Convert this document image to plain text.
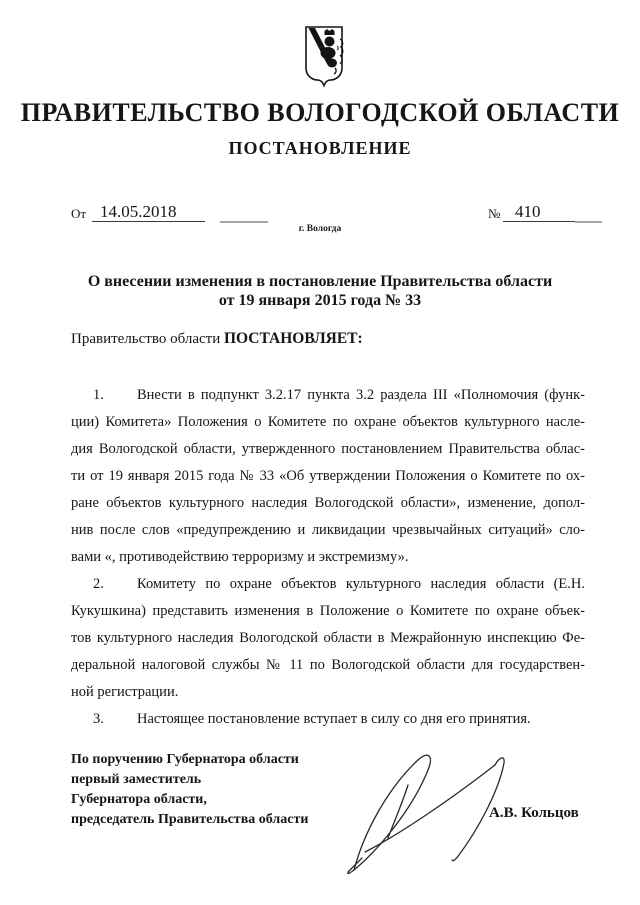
ПРАВИТЕЛЬСТВО ВОЛОГОДСКОЙ ОБЛАСТИ
ПОСТАНОВЛЕНИЕ
От 14.05.2018	№ 410
г. Вологда
О внесении изменения в постановление Правительства области
от 19 января 2015 года № 33
Правительство области ПОСТАНОВЛЯЕТ:
1. Внести в подпункт 3.2.17 пункта 3.2 раздела III «Полномочия (функ-
ции) Комитета» Положения о Комитете по охране объектов культурного насле-
дия Вологодской области, утвержденного постановлением Правительства облас-
ти от 19 января 2015 года № 33 «Об утверждении Положения о Комитете по ох-
ране объектов культурного наследия Вологодской области», изменение, допол-
нив после слов «предупреждению и ликвидации чрезвычайных ситуаций» сло-
вами «, противодействию терроризму и экстремизму».
2. Комитету по охране объектов культурного наследия области (Е.Н.
Кукушкина) представить изменения в Положение о Комитете по охране объек-
тов культурного наследия Вологодской области в Межрайонную инспекцию Фе-
деральной налоговой службы № 11 по Вологодской области для государствен-
ной регистрации.
3. Настоящее постановление вступает в силу со дня его принятия.
По поручению Губернатора области
первый заместитель
Губернатора области,
председатель Правительства области	А.В. Кольцов
